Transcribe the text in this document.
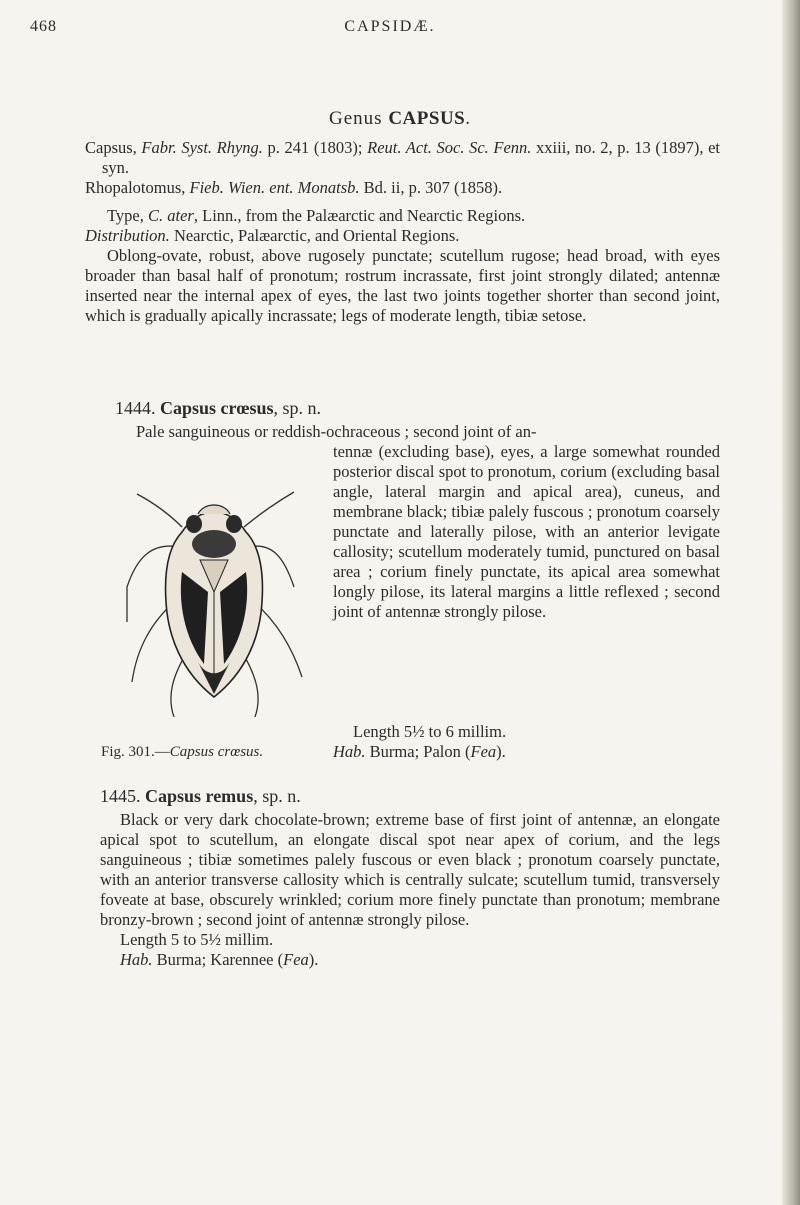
CAPSIDÆ.
468
Genus CAPSUS.
Capsus, Fabr. Syst. Rhyng. p. 241 (1803); Reut. Act. Soc. Sc. Fenn. xxiii, no. 2, p. 13 (1897), et syn.
Rhopalotomus, Fieb. Wien. ent. Monatsb. Bd. ii, p. 307 (1858).
Type, C. ater, Linn., from the Palæarctic and Nearctic Regions.
Distribution. Nearctic, Palæarctic, and Oriental Regions.
Oblong-ovate, robust, above rugosely punctate; scutellum rugose; head broad, with eyes broader than basal half of pronotum; rostrum incrassate, first joint strongly dilated; antennæ inserted near the internal apex of eyes, the last two joints together shorter than second joint, which is gradually apically incrassate; legs of moderate length, tibiæ setose.
1444. Capsus crœsus, sp. n.
Pale sanguineous or reddish-ochraceous ; second joint of an-
tennæ (excluding base), eyes, a large somewhat rounded posterior discal spot to pronotum, corium (excluding basal angle, lateral margin and apical area), cuneus, and membrane black; tibiæ palely fuscous ; pronotum coarsely punctate and laterally pilose, with an anterior levigate callosity; scutellum moderately tumid, punctured on basal area ; corium finely punctate, its apical area somewhat longly pilose, its lateral margins a little reflexed ; second joint of antennæ strongly pilose.
Length 5½ to 6 millim.
Hab. Burma; Palon (Fea).
Fig. 301.—Capsus crœsus.
1445. Capsus remus, sp. n.
Black or very dark chocolate-brown; extreme base of first joint of antennæ, an elongate apical spot to scutellum, an elongate discal spot near apex of corium, and the legs sanguineous ; tibiæ sometimes palely fuscous or even black ; pronotum coarsely punctate, with an anterior transverse callosity which is centrally sulcate; scutellum tumid, transversely foveate at base, obscurely wrinkled; corium more finely punctate than pronotum; membrane bronzy-brown ; second joint of antennæ strongly pilose.
Length 5 to 5½ millim.
Hab. Burma; Karennee (Fea).
